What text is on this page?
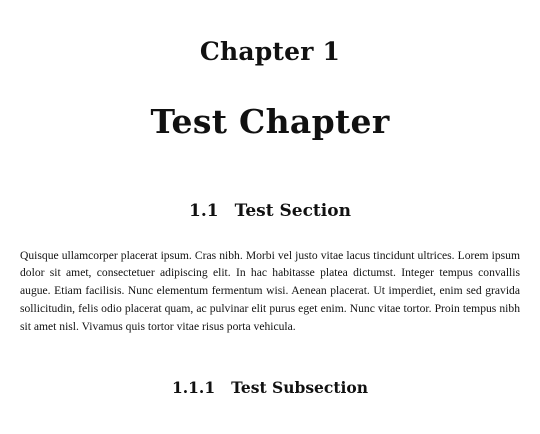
Chapter 1
Test Chapter
1.1 Test Section

Quisque ullamcorper placerat ipsum. Cras nibh. Morbi vel justo vitae lacus tincidunt ultrices. Lorem ipsum dolor sit amet, consectetuer adipiscing elit. In hac habitasse platea dictumst. Integer tempus convallis augue. Etiam facilisis. Nunc elementum fermentum wisi. Aenean placerat. Ut imperdiet, enim sed gravida sollicitudin, felis odio placerat quam, ac pulvinar elit purus eget enim. Nunc vitae tortor. Proin tempus nibh sit amet nisl. Vivamus quis tortor vitae risus porta vehicula.

1.1.1 Test Subsection
